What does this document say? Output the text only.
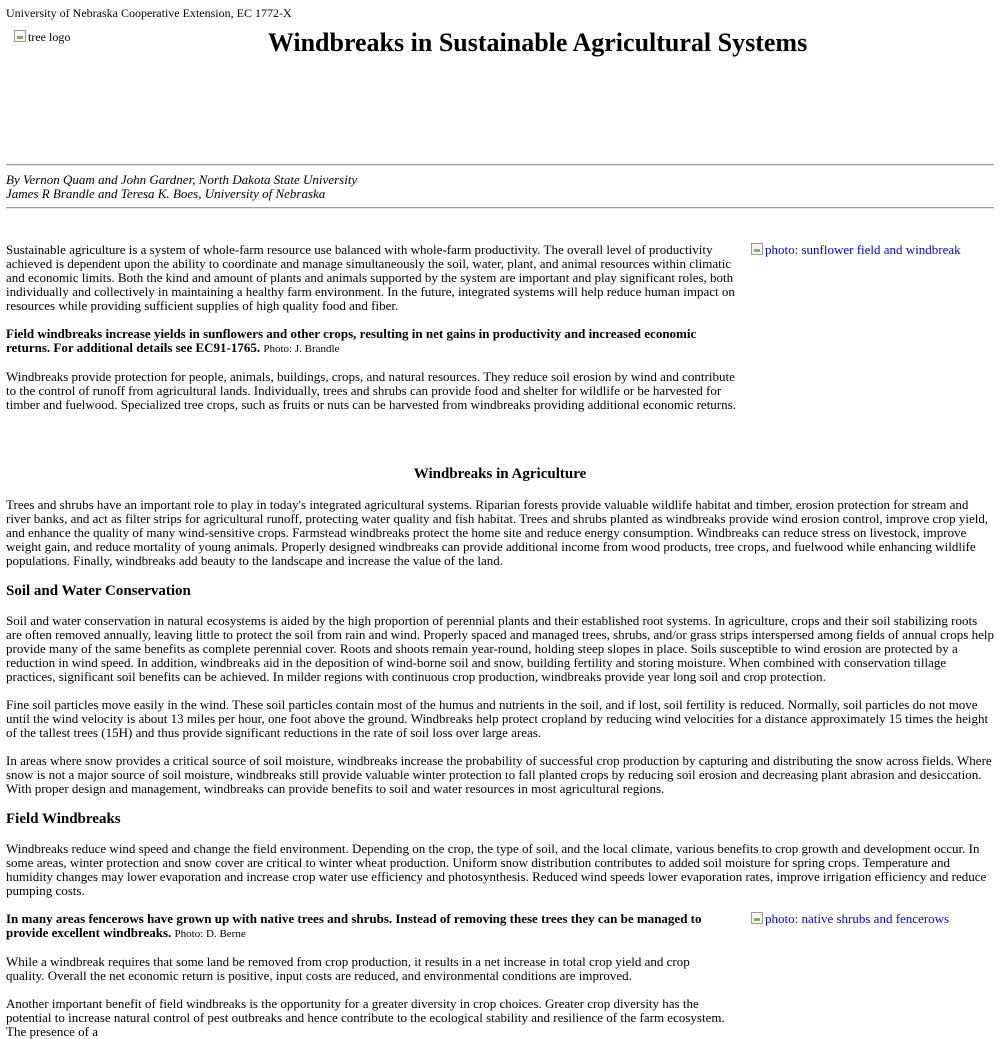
University of Nebraska Cooperative Extension, EC 1772-X
tree logo	Windbreaks in Sustainable Agricultural Systems
By Vernon Quam and John Gardner, North Dakota State University
James R Brandle and Teresa K. Boes, University of Nebraska
photo: sunflower field and windbreak

Sustainable agriculture is a system of whole-farm resource use balanced with whole-farm productivity. The overall level of productivity achieved is dependent upon the ability to coordinate and manage simultaneously the soil, water, plant, and animal resources within climatic and economic limits. Both the kind and amount of plants and animals supported by the system are important and play significant roles, both individually and collectively in maintaining a healthy farm environment. In the future, integrated systems will help reduce human impact on resources while providing sufficient supplies of high quality food and fiber.

Field windbreaks increase yields in sunflowers and other crops, resulting in net gains in productivity and increased economic returns. For additional details see EC91-1765. Photo: J. Brandle

Windbreaks provide protection for people, animals, buildings, crops, and natural resources. They reduce soil erosion by wind and contribute to the control of runoff from agricultural lands. Individually, trees and shrubs can provide food and shelter for wildlife or be harvested for timber and fuelwood. Specialized tree crops, such as fruits or nuts can be harvested from windbreaks providing additional economic returns.

Windbreaks in Agriculture

Trees and shrubs have an important role to play in today's integrated agricultural systems. Riparian forests provide valuable wildlife habitat and timber, erosion protection for stream and river banks, and act as filter strips for agricultural runoff, protecting water quality and fish habitat. Trees and shrubs planted as windbreaks provide wind erosion control, improve crop yield, and enhance the quality of many wind-sensitive crops. Farmstead windbreaks protect the home site and reduce energy consumption. Windbreaks can reduce stress on livestock, improve weight gain, and reduce mortality of young animals. Properly designed windbreaks can provide additional income from wood products, tree crops, and fuelwood while enhancing wildlife populations. Finally, windbreaks add beauty to the landscape and increase the value of the land.

Soil and Water Conservation

Soil and water conservation in natural ecosystems is aided by the high proportion of perennial plants and their established root systems. In agriculture, crops and their soil stabilizing roots are often removed annually, leaving little to protect the soil from rain and wind. Properly spaced and managed trees, shrubs, and/or grass strips interspersed among fields of annual crops help provide many of the same benefits as complete perennial cover. Roots and shoots remain year-round, holding steep slopes in place. Soils susceptible to wind erosion are protected by a reduction in wind speed. In addition, windbreaks aid in the deposition of wind-borne soil and snow, building fertility and storing moisture. When combined with conservation tillage practices, significant soil benefits can be achieved. In milder regions with continuous crop production, windbreaks provide year long soil and crop protection.

Fine soil particles move easily in the wind. These soil particles contain most of the humus and nutrients in the soil, and if lost, soil fertility is reduced. Normally, soil particles do not move until the wind velocity is about 13 miles per hour, one foot above the ground. Windbreaks help protect cropland by reducing wind velocities for a distance approximately 15 times the height of the tallest trees (15H) and thus provide significant reductions in the rate of soil loss over large areas.

In areas where snow provides a critical source of soil moisture, windbreaks increase the probability of successful crop production by capturing and distributing the snow across fields. Where snow is not a major source of soil moisture, windbreaks still provide valuable winter protection to fall planted crops by reducing soil erosion and decreasing plant abrasion and desiccation. With proper design and management, windbreaks can provide benefits to soil and water resources in most agricultural regions.

Field Windbreaks

Windbreaks reduce wind speed and change the field environment. Depending on the crop, the type of soil, and the local climate, various benefits to crop growth and development occur. In some areas, winter protection and snow cover are critical to winter wheat production. Uniform snow distribution contributes to added soil moisture for spring crops. Temperature and humidity changes may lower evaporation and increase crop water use efficiency and photosynthesis. Reduced wind speeds lower evaporation rates, improve irrigation efficiency and reduce pumping costs.

photo: native shrubs and fencerows

In many areas fencerows have grown up with native trees and shrubs. Instead of removing these trees they can be managed to provide excellent windbreaks. Photo: D. Berne

While a windbreak requires that some land be removed from crop production, it results in a net increase in total crop yield and crop quality. Overall the net economic return is positive, input costs are reduced, and environmental conditions are improved.

Another important benefit of field windbreaks is the opportunity for a greater diversity in crop choices. Greater crop diversity has the potential to increase natural control of pest outbreaks and hence contribute to the ecological stability and resilience of the farm ecosystem. The presence of a
